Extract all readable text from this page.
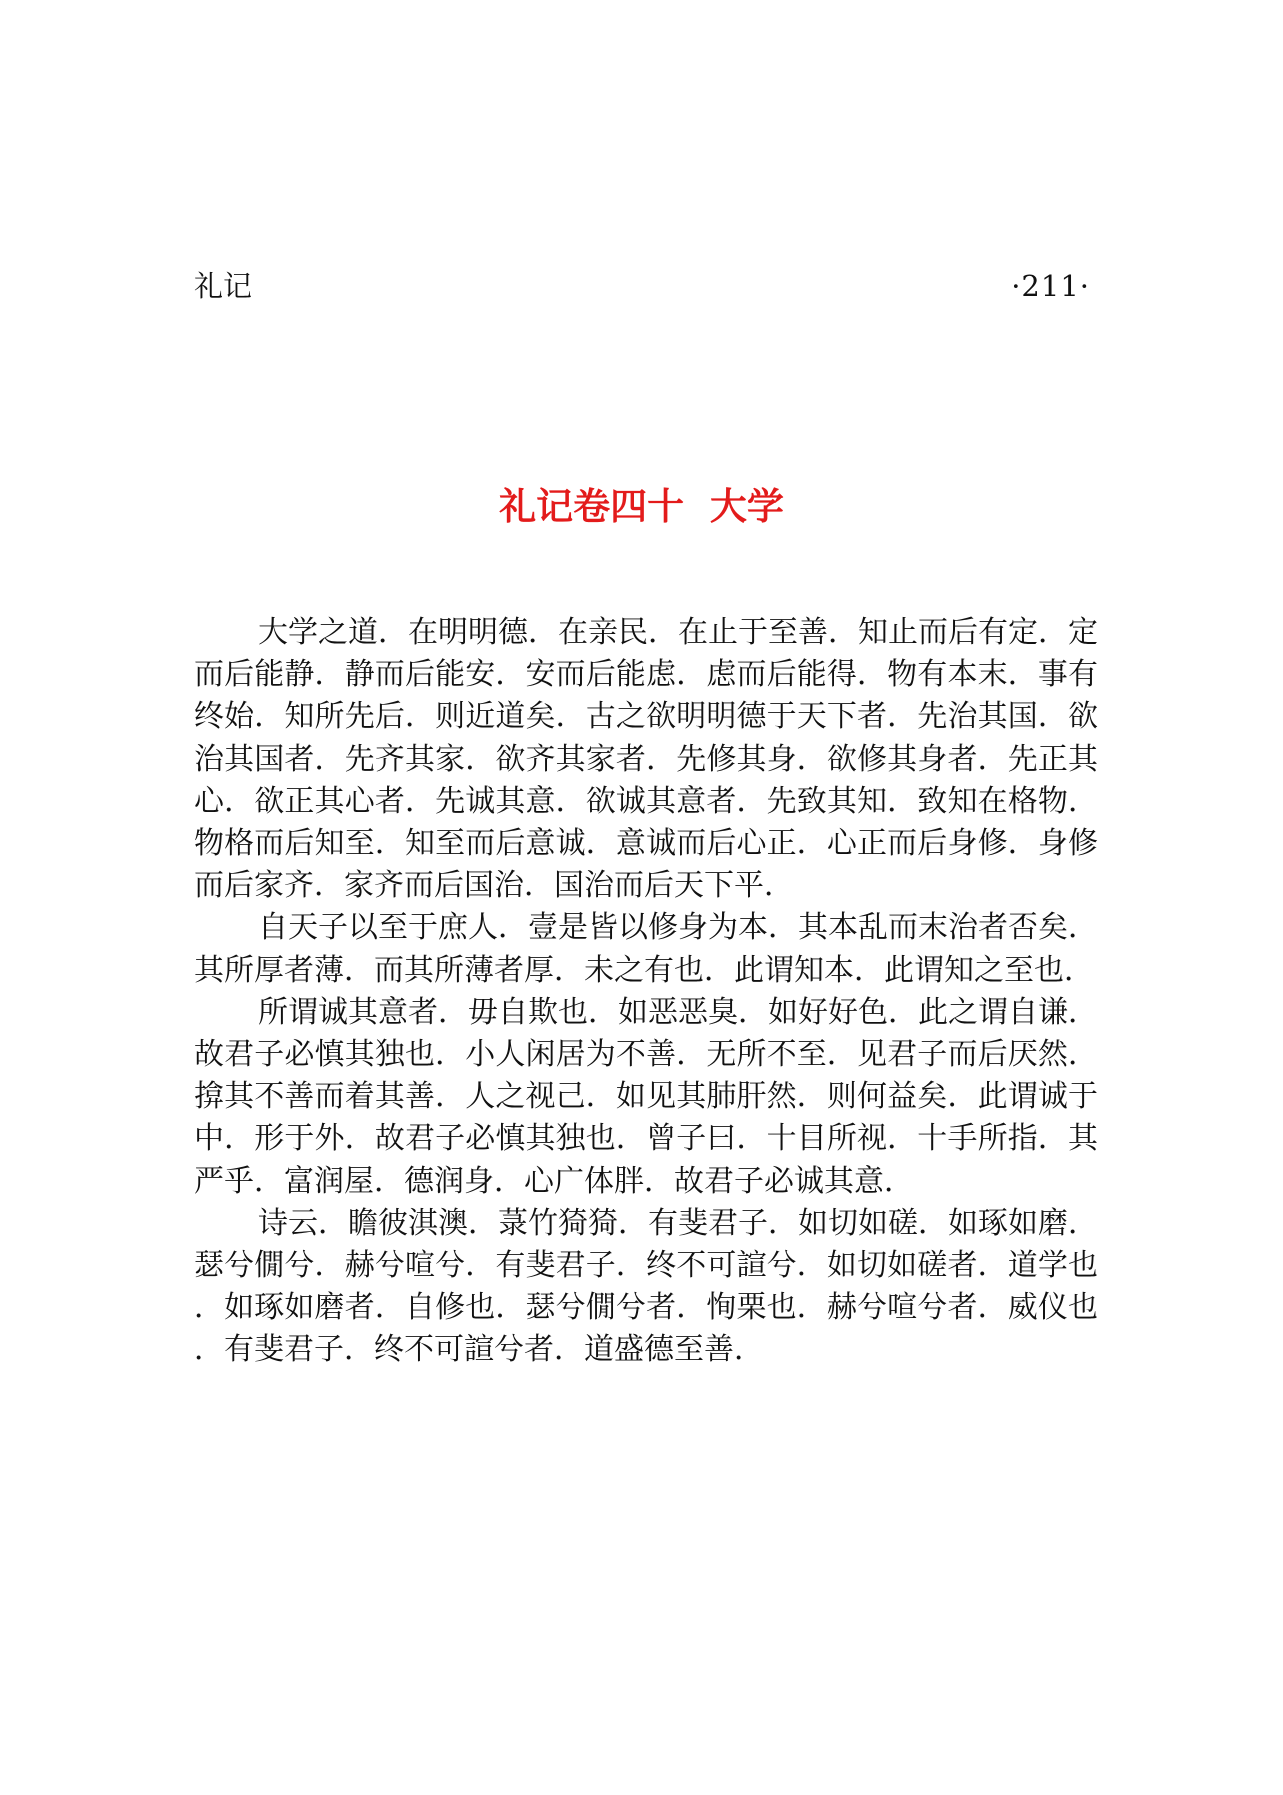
礼记	·211·
礼记卷四十  大学

大学之道．在明明德．在亲民．在止于至善．知止而后有定．定而后能静．静而后能安．安而后能虑．虑而后能得．物有本末．事有终始．知所先后．则近道矣．古之欲明明德于天下者．先治其国．欲治其国者．先齐其家．欲齐其家者．先修其身．欲修其身者．先正其心．欲正其心者．先诚其意．欲诚其意者．先致其知．致知在格物．物格而后知至．知至而后意诚．意诚而后心正．心正而后身修．身修而后家齐．家齐而后国治．国治而后天下平．

自天子以至于庶人．壹是皆以修身为本．其本乱而末治者否矣．其所厚者薄．而其所薄者厚．未之有也．此谓知本．此谓知之至也．

所谓诚其意者．毋自欺也．如恶恶臭．如好好色．此之谓自谦．故君子必慎其独也．小人闲居为不善．无所不至．见君子而后厌然．揜其不善而着其善．人之视己．如见其肺肝然．则何益矣．此谓诚于中．形于外．故君子必慎其独也．曾子曰．十目所视．十手所指．其严乎．富润屋．德润身．心广体胖．故君子必诚其意．

诗云．瞻彼淇澳．菉竹猗猗．有斐君子．如切如磋．如琢如磨．瑟兮僩兮．赫兮喧兮．有斐君子．终不可諠兮．如切如磋者．道学也．如琢如磨者．自修也．瑟兮僩兮者．恂栗也．赫兮喧兮者．威仪也．有斐君子．终不可諠兮者．道盛德至善．
